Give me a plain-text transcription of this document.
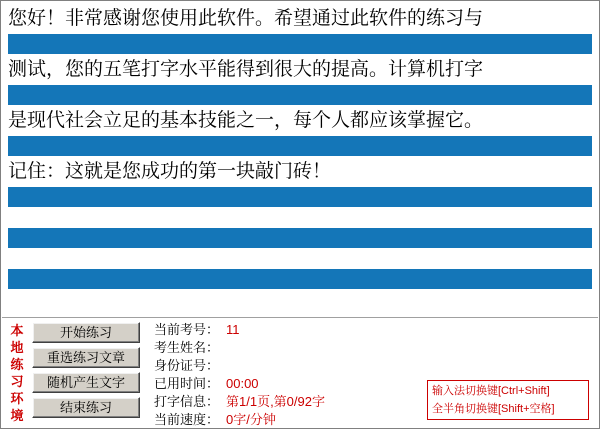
您好！非常感谢您使用此软件。希望通过此软件的练习与
测试，您的五笔打字水平能得到很大的提高。计算机打字
是现代社会立足的基本技能之一，每个人都应该掌握它。
记住：这就是您成功的第一块敲门砖！
本地练习环境
开始练习
重选练习文章
随机产生文字
结束练习
当前考号： 11
考生姓名：
身份证号：
已用时间： 00:00
打字信息： 第1/1页,第0/92字
当前速度： 0字/分钟
输入法切换键[Ctrl+Shift]
全半角切换键[Shift+空格]
